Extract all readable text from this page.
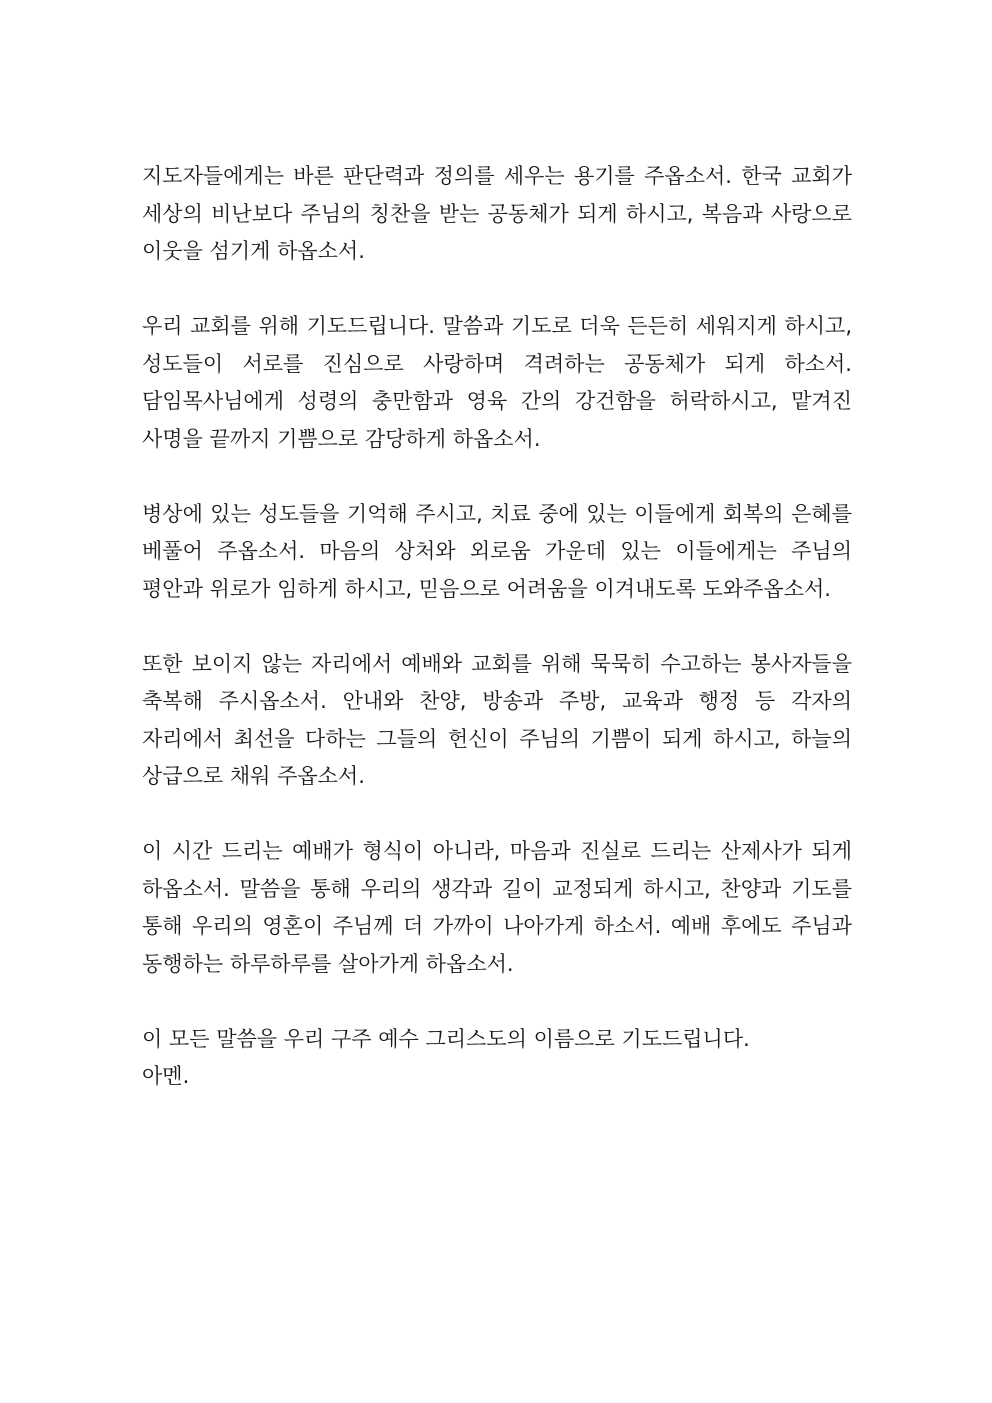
지도자들에게는 바른 판단력과 정의를 세우는 용기를 주옵소서. 한국 교회가 세상의 비난보다 주님의 칭찬을 받는 공동체가 되게 하시고, 복음과 사랑으로 이웃을 섬기게 하옵소서.

우리 교회를 위해 기도드립니다. 말씀과 기도로 더욱 든든히 세워지게 하시고, 성도들이 서로를 진심으로 사랑하며 격려하는 공동체가 되게 하소서. 담임목사님에게 성령의 충만함과 영육 간의 강건함을 허락하시고, 맡겨진 사명을 끝까지 기쁨으로 감당하게 하옵소서.

병상에 있는 성도들을 기억해 주시고, 치료 중에 있는 이들에게 회복의 은혜를 베풀어 주옵소서. 마음의 상처와 외로움 가운데 있는 이들에게는 주님의 평안과 위로가 임하게 하시고, 믿음으로 어려움을 이겨내도록 도와주옵소서.

또한 보이지 않는 자리에서 예배와 교회를 위해 묵묵히 수고하는 봉사자들을 축복해 주시옵소서. 안내와 찬양, 방송과 주방, 교육과 행정 등 각자의 자리에서 최선을 다하는 그들의 헌신이 주님의 기쁨이 되게 하시고, 하늘의 상급으로 채워 주옵소서.

이 시간 드리는 예배가 형식이 아니라, 마음과 진실로 드리는 산제사가 되게 하옵소서. 말씀을 통해 우리의 생각과 길이 교정되게 하시고, 찬양과 기도를 통해 우리의 영혼이 주님께 더 가까이 나아가게 하소서. 예배 후에도 주님과 동행하는 하루하루를 살아가게 하옵소서.

이 모든 말씀을 우리 구주 예수 그리스도의 이름으로 기도드립니다.

아멘.
